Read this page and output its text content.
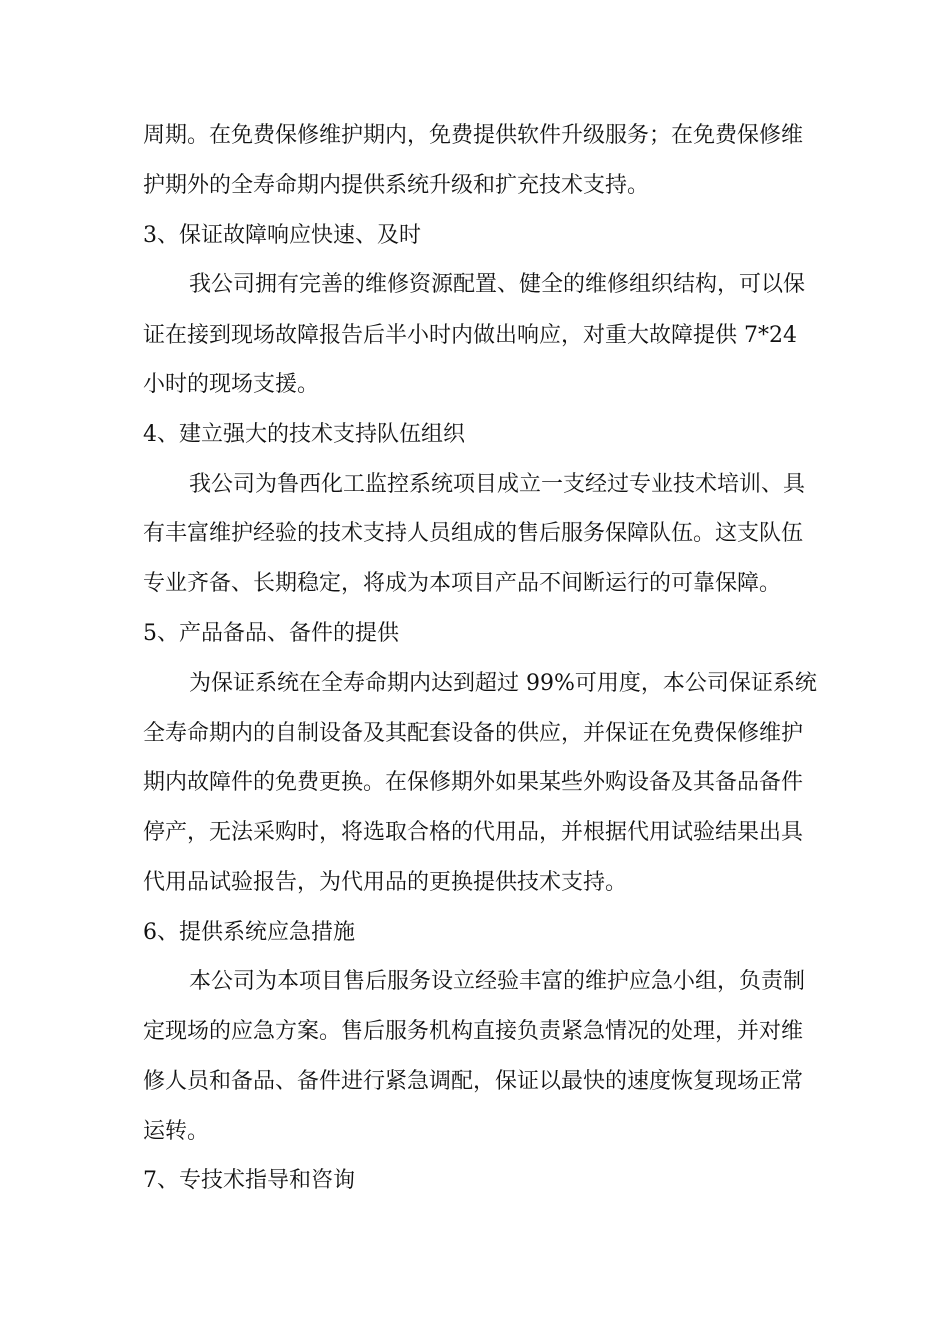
周期。在免费保修维护期内，免费提供软件升级服务；在免费保修维
护期外的全寿命期内提供系统升级和扩充技术支持。
3、保证故障响应快速、及时
我公司拥有完善的维修资源配置、健全的维修组织结构，可以保
证在接到现场故障报告后半小时内做出响应，对重大故障提供 7*24
小时的现场支援。
4、建立强大的技术支持队伍组织
我公司为鲁西化工监控系统项目成立一支经过专业技术培训、具
有丰富维护经验的技术支持人员组成的售后服务保障队伍。这支队伍
专业齐备、长期稳定，将成为本项目产品不间断运行的可靠保障。
5、产品备品、备件的提供
为保证系统在全寿命期内达到超过 99%可用度，本公司保证系统
全寿命期内的自制设备及其配套设备的供应，并保证在免费保修维护
期内故障件的免费更换。在保修期外如果某些外购设备及其备品备件
停产，无法采购时，将选取合格的代用品，并根据代用试验结果出具
代用品试验报告，为代用品的更换提供技术支持。
6、提供系统应急措施
本公司为本项目售后服务设立经验丰富的维护应急小组，负责制
定现场的应急方案。售后服务机构直接负责紧急情况的处理，并对维
修人员和备品、备件进行紧急调配，保证以最快的速度恢复现场正常
运转。
7、专技术指导和咨询
